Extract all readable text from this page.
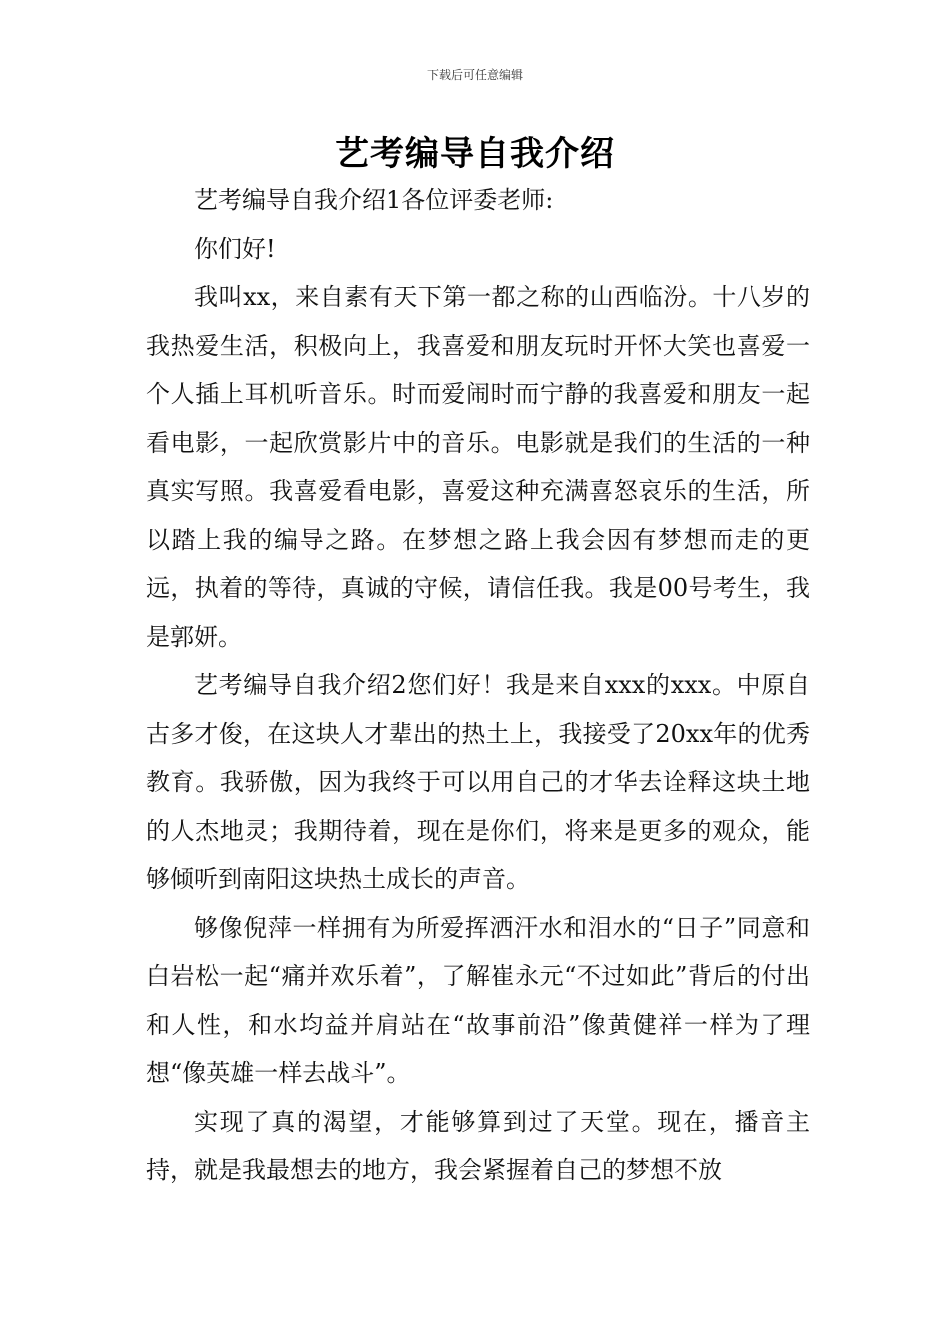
下载后可任意编辑
艺考编导自我介绍

艺考编导自我介绍1各位评委老师:

你们好!

我叫xx，来自素有天下第一都之称的山西临汾。十八岁的我热爱生活，积极向上，我喜爱和朋友玩时开怀大笑也喜爱一个人插上耳机听音乐。时而爱闹时而宁静的我喜爱和朋友一起看电影，一起欣赏影片中的音乐。电影就是我们的生活的一种真实写照。我喜爱看电影，喜爱这种充满喜怒哀乐的生活，所以踏上我的编导之路。在梦想之路上我会因有梦想而走的更远，执着的等待，真诚的守候，请信任我。我是00号考生，我是郭妍。

艺考编导自我介绍2您们好！我是来自xxx的xxx。中原自古多才俊，在这块人才辈出的热土上，我接受了20xx年的优秀教育。我骄傲，因为我终于可以用自己的才华去诠释这块土地的人杰地灵；我期待着，现在是你们，将来是更多的观众，能够倾听到南阳这块热土成长的声音。

够像倪萍一样拥有为所爱挥洒汗水和泪水的“日子”同意和白岩松一起“痛并欢乐着”，了解崔永元“不过如此”背后的付出和人性，和水均益并肩站在“故事前沿”像黄健祥一样为了理想“像英雄一样去战斗”。

实现了真的渴望，才能够算到过了天堂。现在，播音主持，就是我最想去的地方，我会紧握着自己的梦想不放
